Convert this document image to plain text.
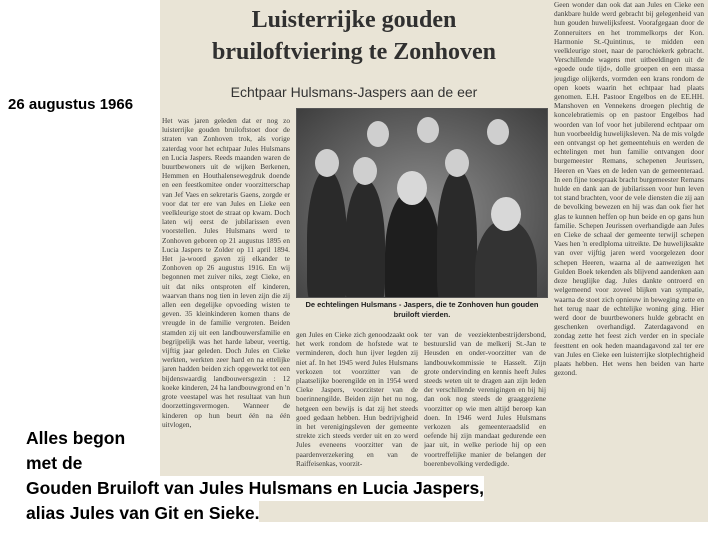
26 augustus 1966
Luisterrijke gouden
bruiloftviering te Zonhoven
Echtpaar Hulsmans-Jaspers aan de eer
Het was jaren geleden dat er nog zo luisterrijke gouden bruiloftstoet door de straten van Zonhoven trok, als vorige zaterdag voor het echtpaar Jules Hulsmans en Lucia Jaspers. Reeds maanden waren de buurtbewoners uit de wijken Berkenen, Hemmen en Houthalensewegdruk doende en een feestkomitee onder voorzitterschap van Jef Vaes en sekretaris Gaens, zorgde er voor dat ter ere van Jules en Lieke een veelkleurige stoet de straat op kwam. Doch laten wij eerst de jubilarissen even voorstellen. Jules Hulsmans werd te Zonhoven geboren op 21 augustus 1895 en Lucia Jaspers te Zolder op 11 april 1894. Het ja-woord gaven zij elkander te Zonhoven op 26 augustus 1916. En wij begonnen met zuiver niks, zegt Cieke, en uit dat niks ontsproten elf kinderen, waarvan thans nog tien in leven zijn die zij allen een degelijke opvoeding wisten te geven. 35 kleinkinderen komen thans de vreugde in de familie vergroten. Beiden stamden zij uit een landbouwersfamilie en begrijpelijk was het harde labeur, veertig, vijftig jaar geleden. Doch Jules en Cieke werkten, werkten zeer hard en na ettelijke jaren hadden beiden zich opgewerkt tot een bijdenswaardig landbouwersgezin : 12 koeke kinderen, 24 ha landbouwgrond en 'n grote veestapel was het resultaat van hun doorzettingsvermogen. Wanneer de kinderen op hun beurt één na één uitvlogen,
De echtelingen Hulsmans - Jaspers, die te Zonhoven hun gouden bruiloft vierden.
gen Jules en Cieke zich genoodzaakt ook het werk rondom de hofstede wat te verminderen, doch hun ijver legden zij niet af. In het 1945 werd Jules Hulsmans verkozen tot voorzitter van de plaatselijke boerengilde en in 1954 werd Cieke Jaspers, voorzitster van de boerinnengilde. Beiden zijn het nu nog, hetgeen een bewijs is dat zij het steeds goed gedaan hebben. Hun bedrijvigheid in het verenigingsleven der gemeente strekte zich steeds verder uit en zo werd Jules eveneens voorzitter van de paardenverzekering en van de Raiffeisenkas, voorzit-
ter van de veeziektenbestrijdersbond, bestuurslid van de melkerij St.-Jan te Heusden en onder-voorzitter van de landbouwkommissie te Hasselt. Zijn grote ondervinding en kennis heeft Jules steeds weten uit te dragen aan zijn leden der verschillende verenigingen en bij hij dan ook nog steeds de graaggeziene voorzitter op wie men altijd beroep kan doen. In 1946 werd Jules Hulsmans verkozen als gemeenteraadslid en oefende hij zijn mandaat gedurende een jaar uit, in welke periode hij op een voortreffelijke manier de belangen der boerenbevolking verdedigde.
Geen wonder dan ook dat aan Jules en Cieke een dankbare hulde werd gebracht bij gelegenheid van hun gouden huwelijksfeest. Voorafgegaan door de Zonneruiters en het trommelkorps der Kon. Harmonie St.-Quintinus, te midden een veelkleurige stoet, naar de parochiekerk gebracht. Verschillende wagens met uitbeeldingen uit de «goede oude tijd», dolle groepen en een massa jeugdige olijkerds, vormden een krans rondom de open koets waarin het echtpaar had plaats genomen. E.H. Pastoor Engelbos en de EE.HH. Manshoven en Vennekens droegen plechtig de koncelebratiemis op en pastoor Engelbos had woorden van lof voor het jubilerend echtpaar om hun voorbeeldig huwelijksleven. Na de mis volgde een ontvangst op het gemeentehuis en werden de echtelingen met hun familie ontvangen door burgemeester Remans, schepenen Jeurissen, Heeren en Vaes en de leden van de gemeenteraad. In een fijne toespraak bracht burgemeester Remans hulde en dank aan de jubilarissen voor hun leven tot stand brachten, voor de vele diensten die zij aan de bevolking bewezen en hij was dan ook fier het glas te kunnen heffen op hun beide en op gans hun familie. Schepen Jeurissen overhandigde aan Jules en Cieke de schaal der gemeente terwijl schepen Vaes hen 'n eredlploma uitreikte. De huwelijksakte van over vijftig jaren werd voorgelezen door schepen Heeren, waarna al de aanwezigen het Gulden Boek tekenden als blijvend aandenken aan deze heuglijke dag. Jules dankte ontroerd en welgemeend voor zoveel blijken van sympatie, waarna de stoet zich opnieuw in beweging zette en het terug naar de echtelijke woning ging. Hier werd door de buurtbewoners hulde gebracht en geschenken overhandigd. Zaterdagavond en zondag zette het feest zich verder en in speciale feesttent en ook heden maandagavond zal ter ere van Jules en Cieke een luisterrijke slotplechtigheid plaats hebben. Het wens hen beiden van harte gezond.
Alles begon
met de
Gouden Bruiloft van Jules Hulsmans en Lucia Jaspers,
alias Jules van Git en Sieke.
